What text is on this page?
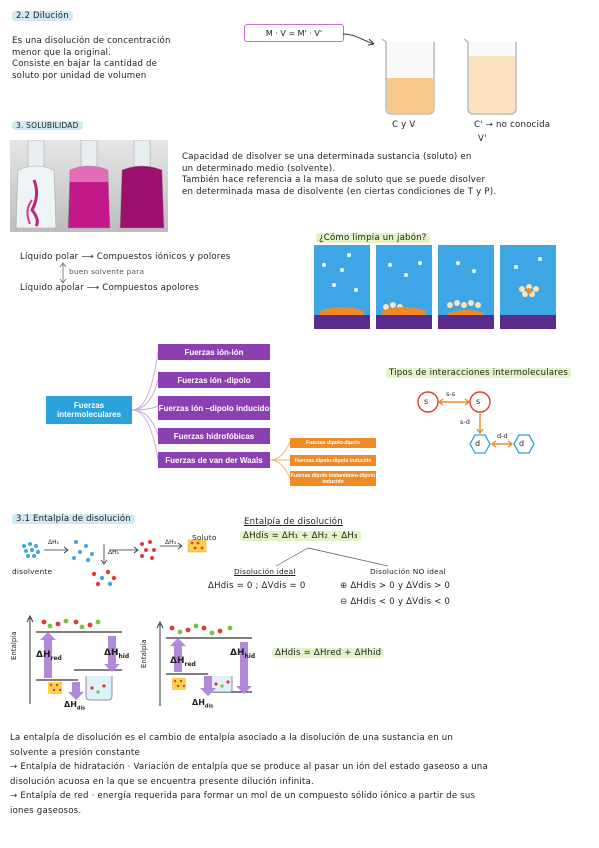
2.2 Dilución
Es una disolución de concentración
menor que la original.
Consiste en bajar la cantidad de
soluto por unidad de volumen
M · V = M' · V'
C y V	C' → no conocida
V'
3. SOLUBILIDAD
Capacidad de disolver se una determinada sustancia (soluto) en
un determinado medio (solvente).
También hace referencia a la masa de soluto que se puede disolver
en determinada masa de disolvente (en ciertas condiciones de T y P).
Líquido polar ⟶ Compuestos iónicos y polores
buen solvente para
Líquido apolar ⟶ Compuestos apolores
¿Cómo limpia un jabón?
Fuerzas intermoleculares
Fuerzas ión-ión
Fuerzas ión -dipolo
Fuerzas ión –dipolo inducido
Fuerzas hidrofóbicas
Fuerzas de van der Waals
Fuerzas dipolo-dipolo
Fuerzas dipolo-dipolo inducido
Fuerzas dipolo instantáneo-dipolo inducido
Tipos de interacciones intermoleculares
s	s
d	d
s-s
s-d
d-d
3.1 Entalpía de disolución
ΔH₁
ΔH₂
ΔH₃
disolvente
Soluto
Entalpía de disolución
ΔHdis = ΔH₁ + ΔH₂ + ΔH₃
Disolución ideal
ΔHdis = 0 ; ΔVdis = 0
Disolución NO ideal
⊕ ΔHdis > 0 y ΔVdis > 0
⊖ ΔHdis < 0 y ΔVdis < 0
Entalpía $\Delta H_{red}$
$\Delta H_{hid}$
$\Delta H_{dis}$
Entalpía $\Delta H_{red}$
$\Delta H_{hid}$
$\Delta H_{dis}$
ΔHdis = ΔHred + ΔHhid
La entalpía de disolución es el cambio de entalpía asociado a la disolución de una sustancia en un
solvente a presión constante
→ Entalpía de hidratación · Variación de entalpía que se produce al pasar un ión del estado gaseoso a una
disolución acuosa en la que se encuentra presente dilución infinita.
→ Entalpía de red · energía requerida para formar un mol de un compuesto sólido iónico a partir de sus
iones gaseosos.
